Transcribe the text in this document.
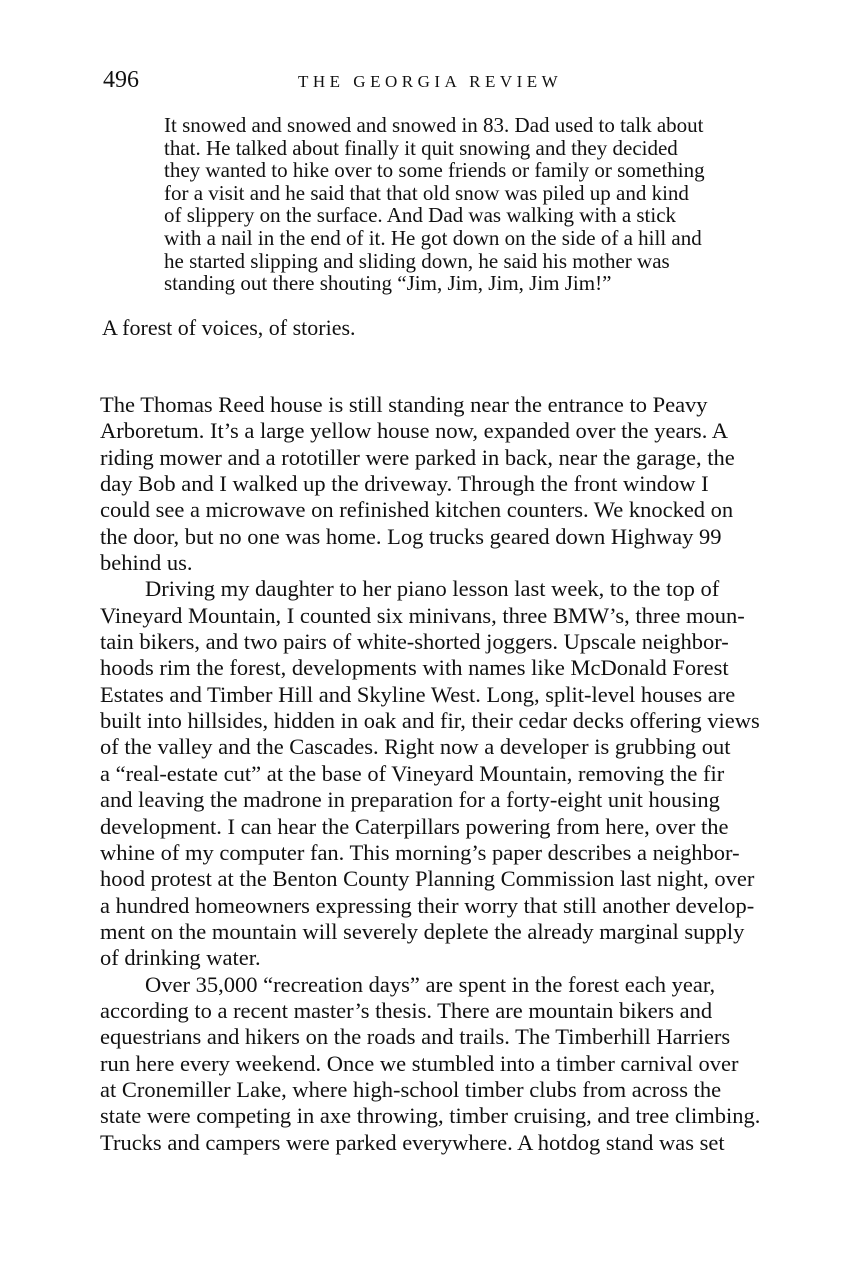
496	THE GEORGIA REVIEW
It snowed and snowed and snowed in 83. Dad used to talk about
that. He talked about finally it quit snowing and they decided
they wanted to hike over to some friends or family or something
for a visit and he said that that old snow was piled up and kind
of slippery on the surface. And Dad was walking with a stick
with a nail in the end of it. He got down on the side of a hill and
he started slipping and sliding down, he said his mother was
standing out there shouting “Jim, Jim, Jim, Jim Jim!”
A forest of voices, of stories.
The Thomas Reed house is still standing near the entrance to Peavy
Arboretum. It’s a large yellow house now, expanded over the years. A
riding mower and a rototiller were parked in back, near the garage, the
day Bob and I walked up the driveway. Through the front window I
could see a microwave on refinished kitchen counters. We knocked on
the door, but no one was home. Log trucks geared down Highway 99
behind us.
Driving my daughter to her piano lesson last week, to the top of
Vineyard Mountain, I counted six minivans, three BMW’s, three moun-
tain bikers, and two pairs of white-shorted joggers. Upscale neighbor-
hoods rim the forest, developments with names like McDonald Forest
Estates and Timber Hill and Skyline West. Long, split-level houses are
built into hillsides, hidden in oak and fir, their cedar decks offering views
of the valley and the Cascades. Right now a developer is grubbing out
a “real-estate cut” at the base of Vineyard Mountain, removing the fir
and leaving the madrone in preparation for a forty-eight unit housing
development. I can hear the Caterpillars powering from here, over the
whine of my computer fan. This morning’s paper describes a neighbor-
hood protest at the Benton County Planning Commission last night, over
a hundred homeowners expressing their worry that still another develop-
ment on the mountain will severely deplete the already marginal supply
of drinking water.
Over 35,000 “recreation days” are spent in the forest each year,
according to a recent master’s thesis. There are mountain bikers and
equestrians and hikers on the roads and trails. The Timberhill Harriers
run here every weekend. Once we stumbled into a timber carnival over
at Cronemiller Lake, where high-school timber clubs from across the
state were competing in axe throwing, timber cruising, and tree climbing.
Trucks and campers were parked everywhere. A hotdog stand was set
